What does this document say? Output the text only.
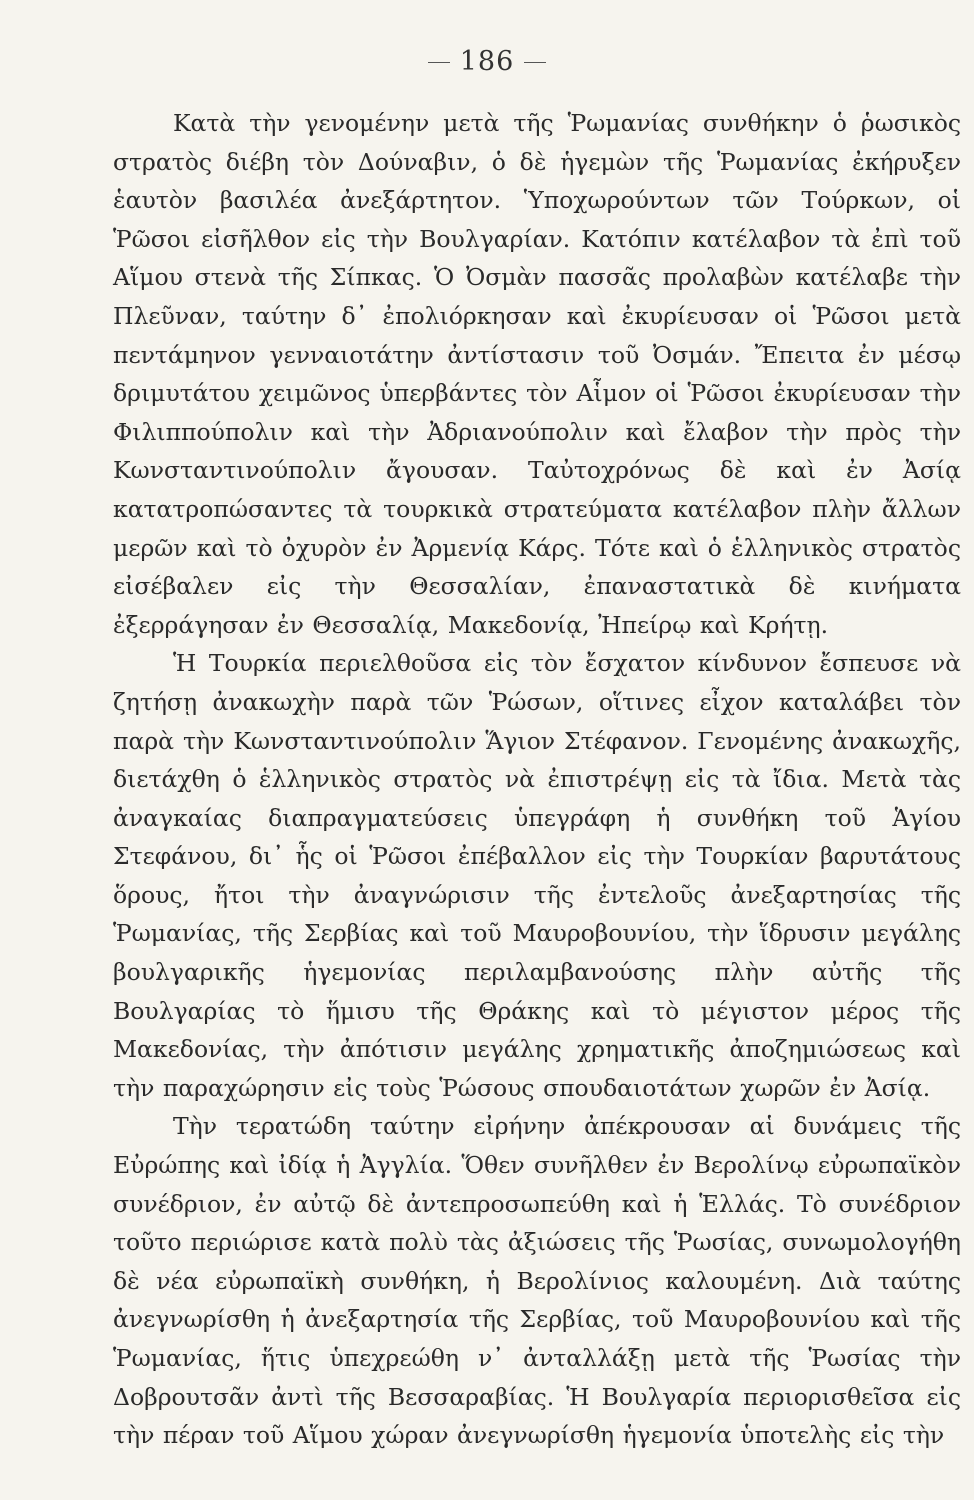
186

Κατὰ τὴν γενομένην μετὰ τῆς Ῥωμανίας συνθήκην ὁ ῥωσικὸς στρατὸς διέβη τὸν Δούναβιν, ὁ δὲ ἡγεμὼν τῆς Ῥωμανίας ἐκήρυξεν ἑαυτὸν βασιλέα ἀνεξάρτητον. Ὑποχωρούντων τῶν Τούρκων, οἱ Ῥῶσοι εἰσῆλθον εἰς τὴν Βουλγαρίαν. Κατόπιν κατέλαβον τὰ ἐπὶ τοῦ Αἵμου στενὰ τῆς Σίπκας. Ὁ Ὀσμὰν πασσᾶς προλαβὼν κατέλαβε τὴν Πλεῦναν, ταύτην δ᾽ ἐπολιόρκησαν καὶ ἐκυρίευσαν οἱ Ῥῶσοι μετὰ πεντάμηνον γενναιοτάτην ἀντίστασιν τοῦ Ὀσμάν. Ἔπειτα ἐν μέσῳ δριμυτάτου χειμῶνος ὑπερβάντες τὸν Αἷμον οἱ Ῥῶσοι ἐκυρίευσαν τὴν Φιλιππούπολιν καὶ τὴν Ἀδριανούπολιν καὶ ἔλαβον τὴν πρὸς τὴν Κωνσταντινούπολιν ἄγουσαν. Ταὐτοχρόνως δὲ καὶ ἐν Ἀσίᾳ κατατροπώσαντες τὰ τουρκικὰ στρατεύματα κατέλαβον πλὴν ἄλλων μερῶν καὶ τὸ ὀχυρὸν ἐν Ἀρμενίᾳ Κάρς. Τότε καὶ ὁ ἑλληνικὸς στρατὸς εἰσέβαλεν εἰς τὴν Θεσσαλίαν, ἐπαναστατικὰ δὲ κινήματα ἐξερράγησαν ἐν Θεσσαλίᾳ, Μακεδονίᾳ, Ἠπείρῳ καὶ Κρήτῃ.

Ἡ Τουρκία περιελθοῦσα εἰς τὸν ἔσχατον κίνδυνον ἔσπευσε νὰ ζητήσῃ ἀνακωχὴν παρὰ τῶν Ῥώσων, οἵτινες εἶχον καταλάβει τὸν παρὰ τὴν Κωνσταντινούπολιν Ἅγιον Στέφανον. Γενομένης ἀνακωχῆς, διετάχθη ὁ ἑλληνικὸς στρατὸς νὰ ἐπιστρέψῃ εἰς τὰ ἴδια. Μετὰ τὰς ἀναγκαίας διαπραγματεύσεις ὑπεγράφη ἡ συνθήκη τοῦ Ἁγίου Στεφάνου, δι᾽ ἧς οἱ Ῥῶσοι ἐπέβαλλον εἰς τὴν Τουρκίαν βαρυτάτους ὅρους, ἤτοι τὴν ἀναγνώρισιν τῆς ἐντελοῦς ἀνεξαρτησίας τῆς Ῥωμανίας, τῆς Σερβίας καὶ τοῦ Μαυροβουνίου, τὴν ἵδρυσιν μεγάλης βουλγαρικῆς ἡγεμονίας περιλαμβανούσης πλὴν αὐτῆς τῆς Βουλγαρίας τὸ ἥμισυ τῆς Θράκης καὶ τὸ μέγιστον μέρος τῆς Μακεδονίας, τὴν ἀπότισιν μεγάλης χρηματικῆς ἀποζημιώσεως καὶ τὴν παραχώρησιν εἰς τοὺς Ῥώσους σπουδαιοτάτων χωρῶν ἐν Ἀσίᾳ.

Τὴν τερατώδη ταύτην εἰρήνην ἀπέκρουσαν αἱ δυνάμεις τῆς Εὐρώπης καὶ ἰδίᾳ ἡ Ἀγγλία. Ὅθεν συνῆλθεν ἐν Βερολίνῳ εὐρωπαϊκὸν συνέδριον, ἐν αὐτῷ δὲ ἀντεπροσωπεύθη καὶ ἡ Ἑλλάς. Τὸ συνέδριον τοῦτο περιώρισε κατὰ πολὺ τὰς ἀξιώσεις τῆς Ῥωσίας, συνωμολογήθη δὲ νέα εὐρωπαϊκὴ συνθήκη, ἡ Βερολίνιος καλουμένη. Διὰ ταύτης ἀνεγνωρίσθη ἡ ἀνεξαρτησία τῆς Σερβίας, τοῦ Μαυροβουνίου καὶ τῆς Ῥωμανίας, ἥτις ὑπεχρεώθη ν᾽ ἀνταλλάξῃ μετὰ τῆς Ῥωσίας τὴν Δοβρουτσᾶν ἀντὶ τῆς Βεσσαραβίας. Ἡ Βουλγαρία περιορισθεῖσα εἰς τὴν πέραν τοῦ Αἵμου χώραν ἀνεγνωρίσθη ἡγεμονία ὑποτελὴς εἰς τὴν
